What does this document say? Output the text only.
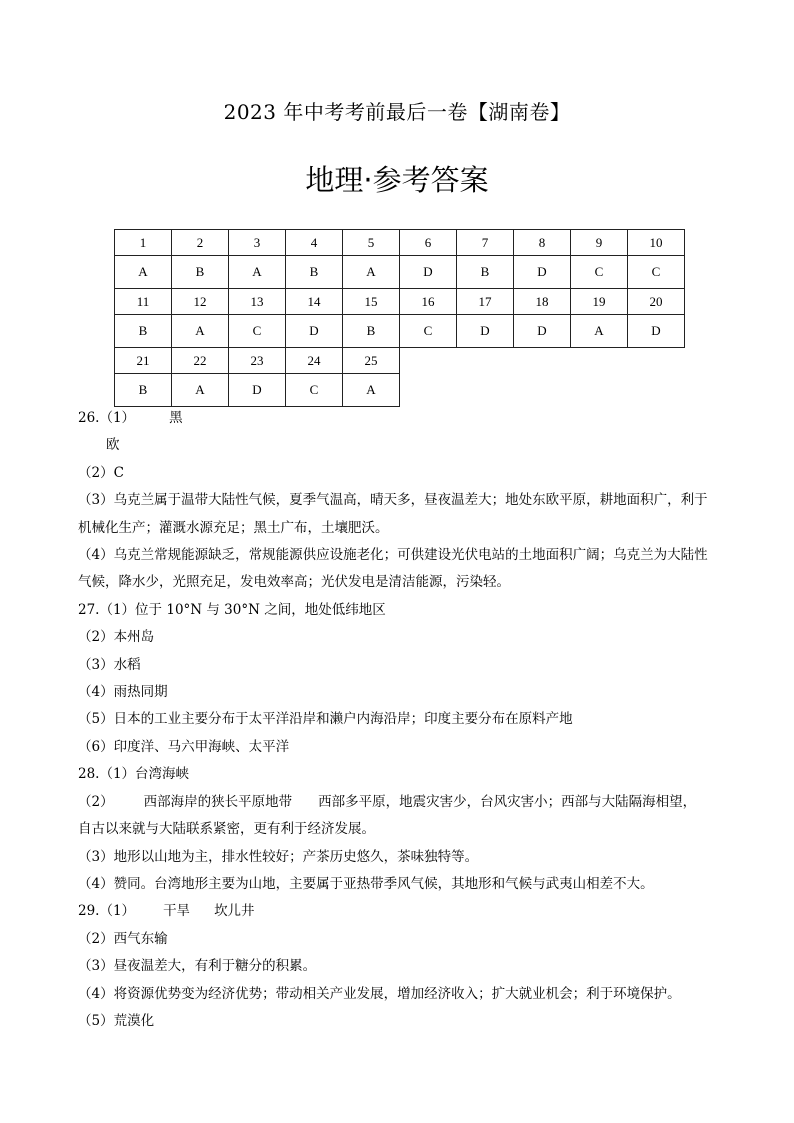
2023 年中考考前最后一卷【湖南卷】
地理·参考答案
1	2	3	4	5	6	7	8	9	10
A	B	A	B	A	D	B	D	C	C
11	12	13	14	15	16	17	18	19	20
B	A	C	D	B	C	D	D	A	D
21	22	23	24	25					
B	A	D	C	A					
26.（1）	黑
欧
（2）C
（3）乌克兰属于温带大陆性气候，夏季气温高，晴天多，昼夜温差大；地处东欧平原，耕地面积广，利于
机械化生产；灌溉水源充足；黑土广布，土壤肥沃。
（4）乌克兰常规能源缺乏，常规能源供应设施老化；可供建设光伏电站的土地面积广阔；乌克兰为大陆性
气候，降水少，光照充足，发电效率高；光伏发电是清洁能源，污染轻。
27.（1）位于 10°N 与 30°N 之间，地处低纬地区
（2）本州岛
（3）水稻
（4）雨热同期
（5）日本的工业主要分布于太平洋沿岸和濑户内海沿岸；印度主要分布在原料产地
（6）印度洋、马六甲海峡、太平洋
28.（1）台湾海峡
（2） 西部海岸的狭长平原地带 西部多平原，地震灾害少，台风灾害小；西部与大陆隔海相望，
自古以来就与大陆联系紧密，更有利于经济发展。
（3）地形以山地为主，排水性较好；产茶历史悠久，茶味独特等。
（4）赞同。台湾地形主要为山地，主要属于亚热带季风气候，其地形和气候与武夷山相差不大。
29.（1） 干旱 坎儿井
（2）西气东输
（3）昼夜温差大，有利于糖分的积累。
（4）将资源优势变为经济优势；带动相关产业发展，增加经济收入；扩大就业机会；利于环境保护。
（5）荒漠化
